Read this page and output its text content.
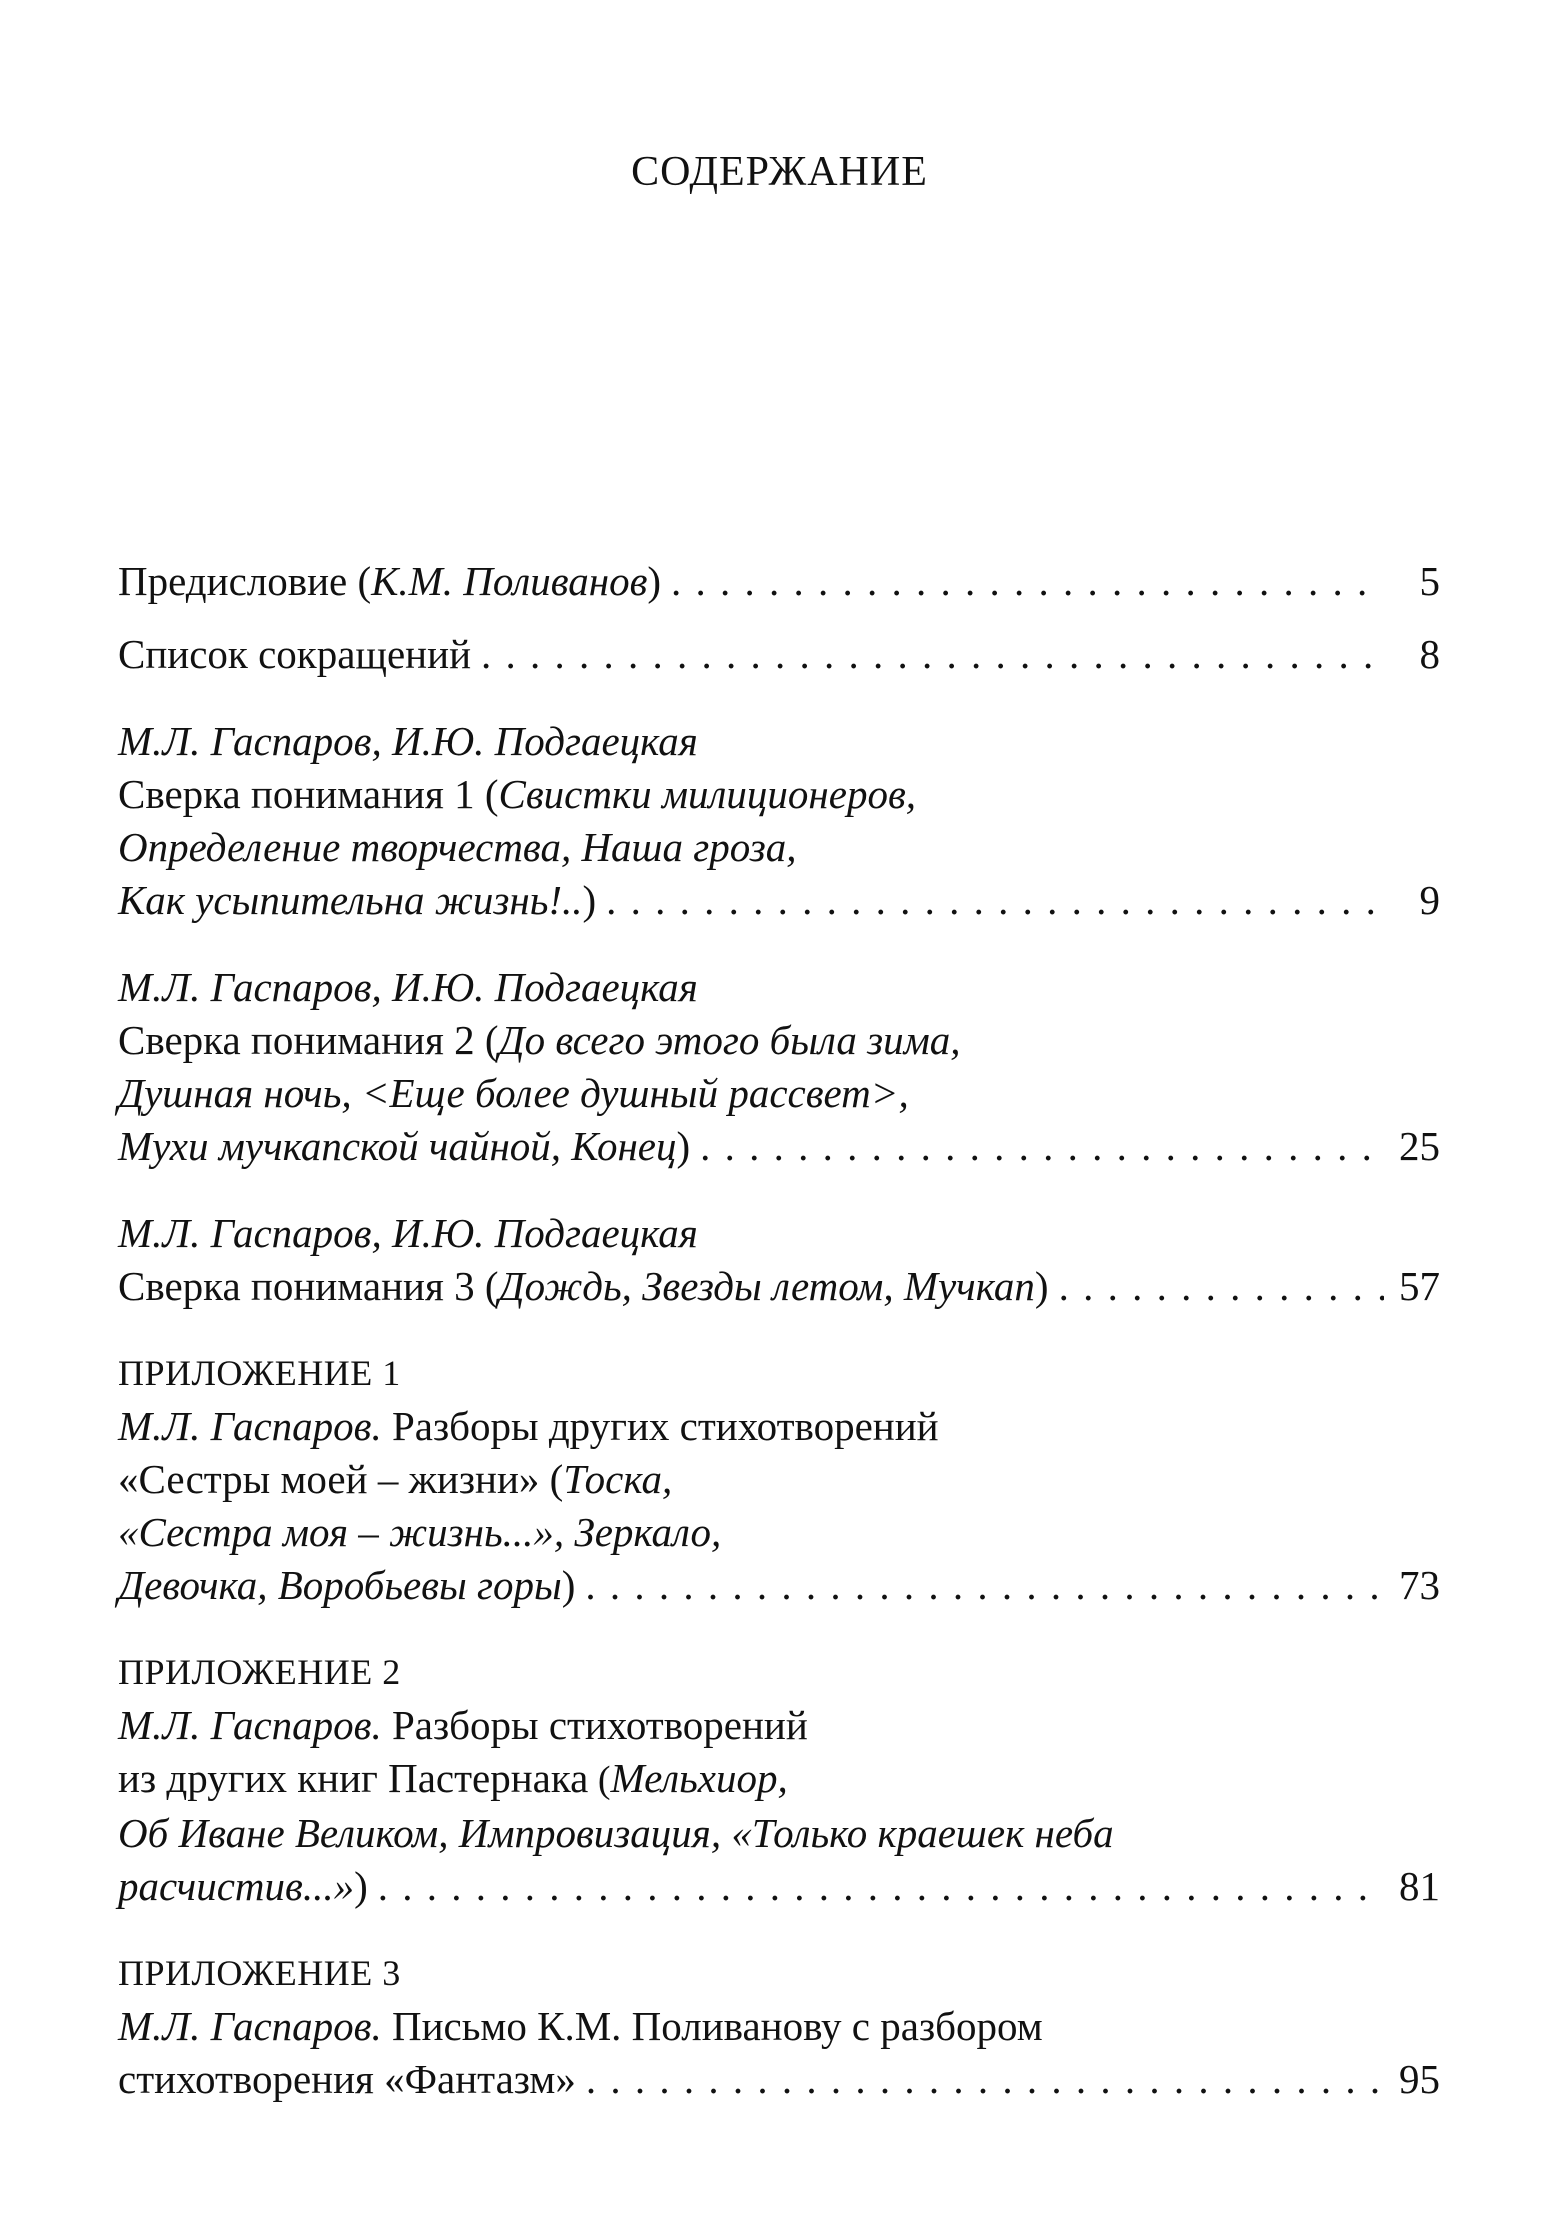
СОДЕРЖАНИЕ
Предисловие (К.М. Поливанов) . . .	5
Список сокращений . . .	8
М.Л. Гаспаров, И.Ю. Подгаецкая
Сверка понимания 1 (Свистки милиционеров,
Определение творчества, Наша гроза,
Как усыпительна жизнь!..) . . .	9
М.Л. Гаспаров, И.Ю. Подгаецкая
Сверка понимания 2 (До всего этого была зима,
Душная ночь, <Еще более душный рассвет>,
Мухи мучкапской чайной, Конец) . . .	25
М.Л. Гаспаров, И.Ю. Подгаецкая
Сверка понимания 3 (Дождь, Звезды летом, Мучкап) . . .	57
ПРИЛОЖЕНИЕ 1
М.Л. Гаспаров. Разборы других стихотворений
«Сестры моей – жизни» (Тоска,
«Сестра моя – жизнь...», Зеркало,
Девочка, Воробьевы горы) . . .	73
ПРИЛОЖЕНИЕ 2
М.Л. Гаспаров. Разборы стихотворений
из других книг Пастернака (Мельхиор,
Об Иване Великом, Импровизация, «Только краешек неба
расчистив...») . . .	81
ПРИЛОЖЕНИЕ 3
М.Л. Гаспаров. Письмо К.М. Поливанову с разбором
стихотворения «Фантазм» . . .	95
